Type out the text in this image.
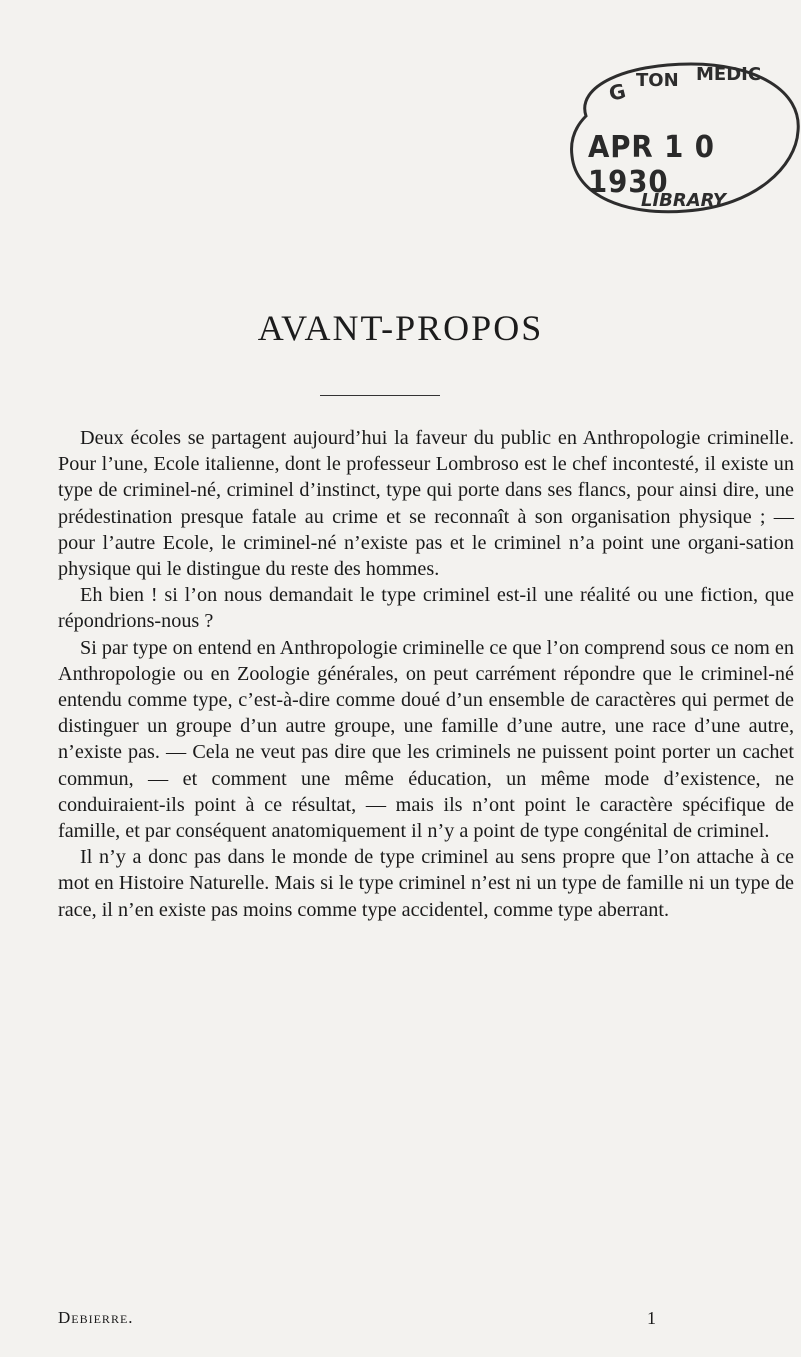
G TON MEDIC
LIBRARY
APR 1 0 1930
AVANT-PROPOS

Deux écoles se partagent aujourd’hui la faveur du public en Anthropologie criminelle. Pour l’une, Ecole italienne, dont le professeur Lombroso est le chef incontesté, il existe un type de criminel-né, criminel d’instinct, type qui porte dans ses flancs, pour ainsi dire, une prédestination presque fatale au crime et se reconnaît à son organisation physique ; — pour l’autre Ecole, le criminel-né n’existe pas et le criminel n’a point une organi-sation physique qui le distingue du reste des hommes.

Eh bien ! si l’on nous demandait le type criminel est-il une réalité ou une fiction, que répondrions-nous ?

Si par type on entend en Anthropologie criminelle ce que l’on comprend sous ce nom en Anthropologie ou en Zoologie générales, on peut carrément répondre que le criminel-né entendu comme type, c’est-à-dire comme doué d’un ensemble de caractères qui permet de distinguer un groupe d’un autre groupe, une famille d’une autre, une race d’une autre, n’existe pas. — Cela ne veut pas dire que les criminels ne puissent point porter un cachet commun, — et comment une même éducation, un même mode d’existence, ne conduiraient-ils point à ce résultat, — mais ils n’ont point le caractère spécifique de famille, et par conséquent anatomiquement il n’y a point de type congénital de criminel.

Il n’y a donc pas dans le monde de type criminel au sens propre que l’on attache à ce mot en Histoire Naturelle. Mais si le type criminel n’est ni un type de famille ni un type de race, il n’en existe pas moins comme type accidentel, comme type aberrant.

Debierre.	1
